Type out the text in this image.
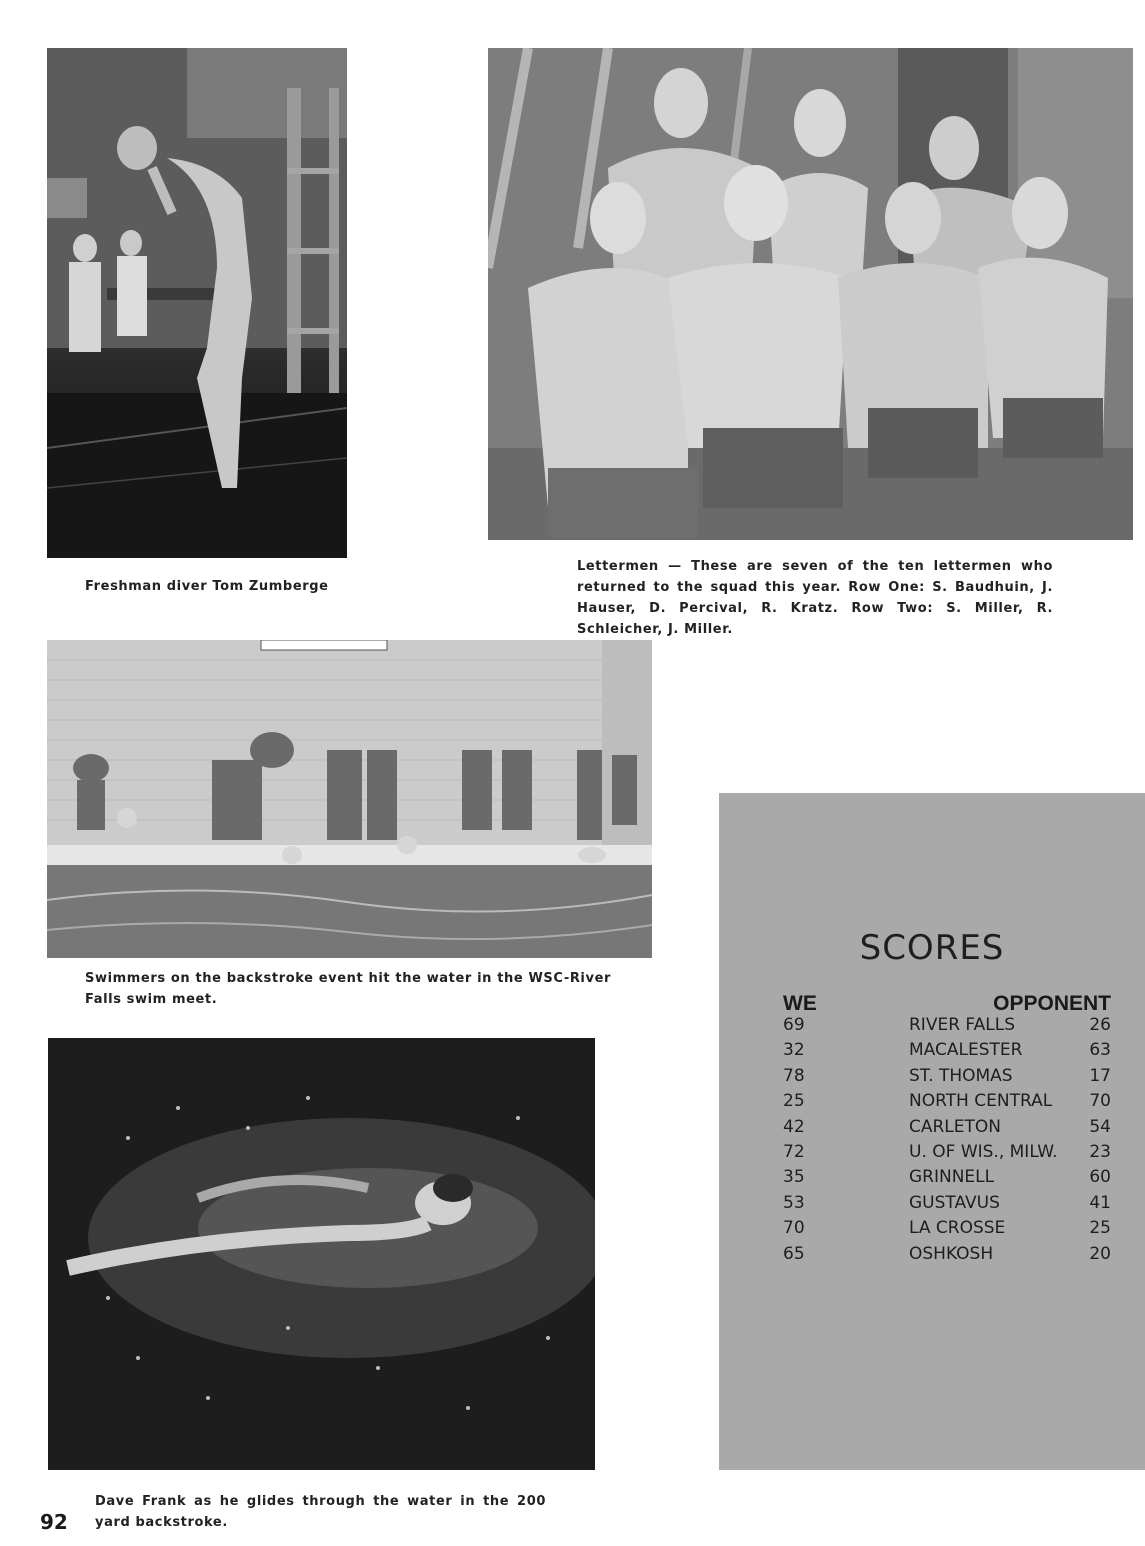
Freshman diver Tom Zumberge
Lettermen — These are seven of the ten lettermen who returned to the squad this year. Row One: S. Baudhuin, J. Hauser, D. Percival, R. Kratz. Row Two: S. Miller, R. Schleicher, J. Miller.
Swimmers on the backstroke event hit the water in the WSC-River Falls swim meet.
Dave Frank as he glides through the water in the 200 yard backstroke.
SCORES
WE	OPPONENT
69	RIVER FALLS	26
32	MACALESTER	63
78	ST. THOMAS	17
25	NORTH CENTRAL 70
42	CARLETON	54
72	U. OF WIS., MILW. 23
35	GRINNELL	60
53	GUSTAVUS	41
70	LA CROSSE	25
65	OSHKOSH	20
92
